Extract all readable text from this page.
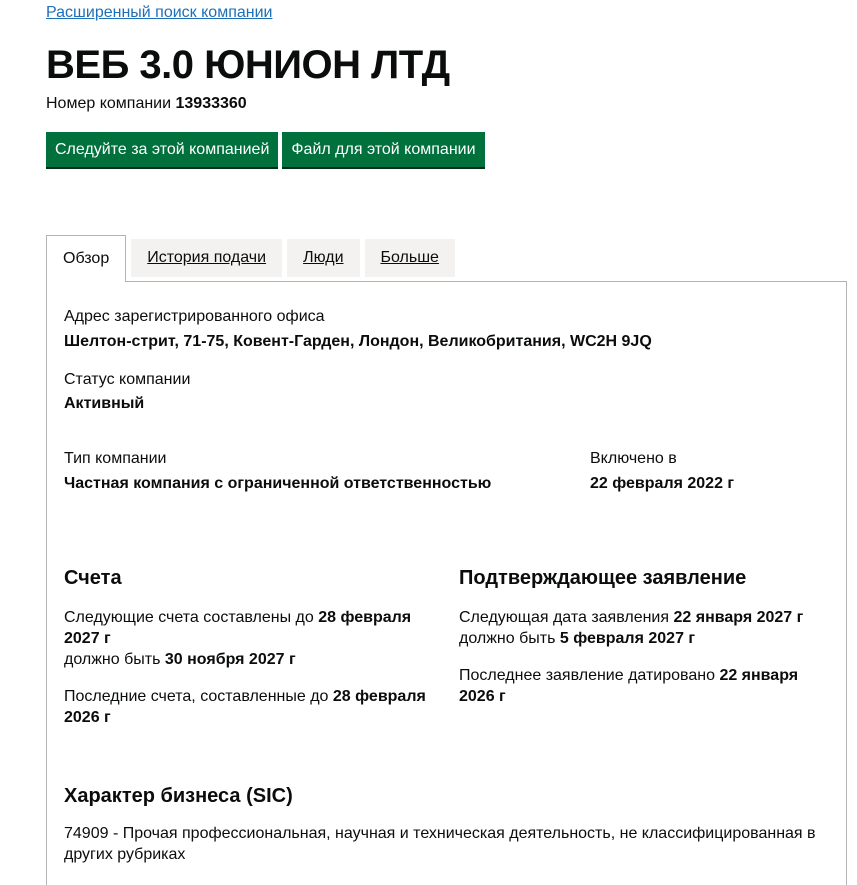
Расширенный поиск компании
ВЕБ 3.0 ЮНИОН ЛТД

Номер компании 13933360

Следуйте за этой компанией	Файл для этой компании
Обзор	История подачи	Люди	Больше
Адрес зарегистрированного офиса
Шелтон-стрит, 71-75, Ковент-Гарден, Лондон, Великобритания, WC2H 9JQ
Статус компании
Активный
Тип компании
Частная компания с ограниченной ответственностью
Включено в
22 февраля 2022 г
Счета
Следующие счета составлены до 28 февраля 2027 г
должно быть 30 ноября 2027 г
Последние счета, составленные до 28 февраля 2026 г
Подтверждающее заявление
Следующая дата заявления 22 января 2027 г
должно быть 5 февраля 2027 г
Последнее заявление датировано 22 января 2026 г
Характер бизнеса (SIC)
74909 - Прочая профессиональная, научная и техническая деятельность, не классифицированная в других рубриках
